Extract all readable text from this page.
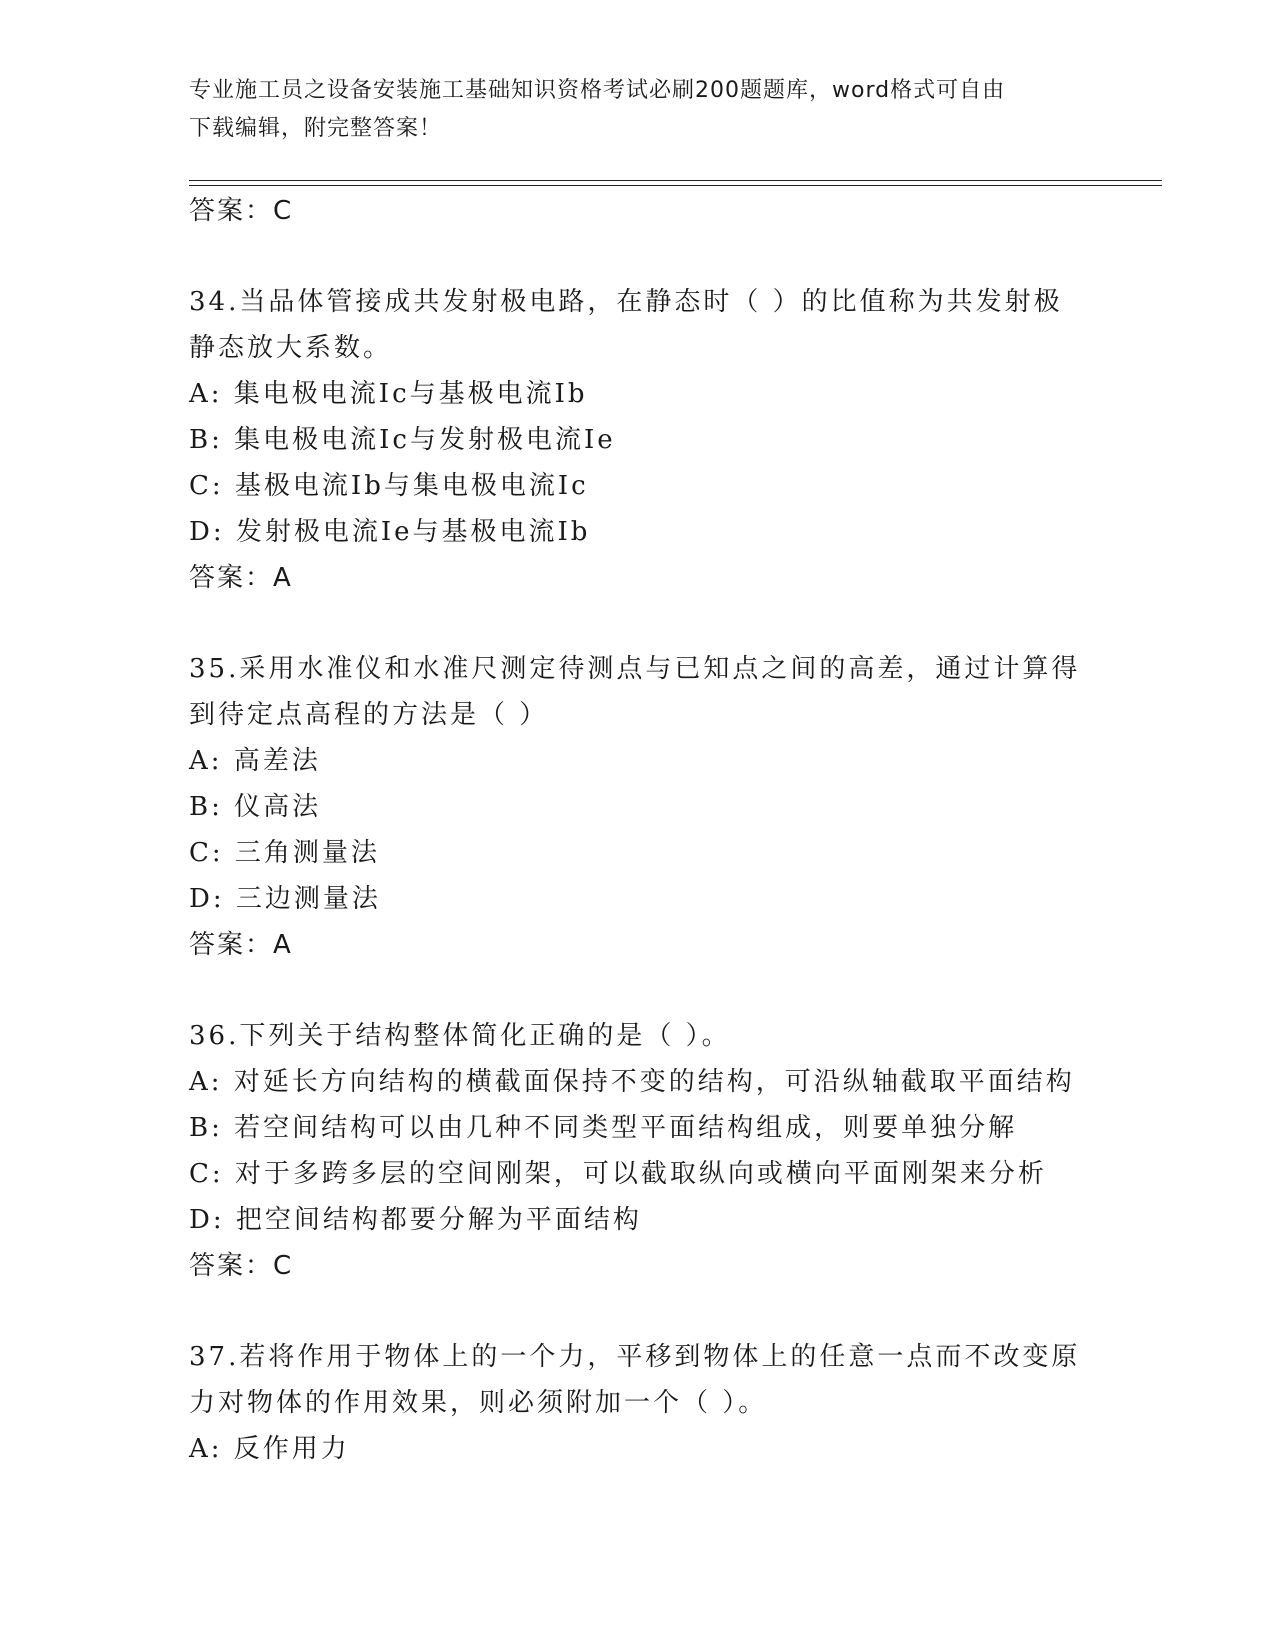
专业施工员之设备安装施工基础知识资格考试必刷200题题库，word格式可自由
下载编辑，附完整答案！
答案：C
34.当品体管接成共发射极电路，在静态时（ ）的比值称为共发射极
静态放大系数。
A: 集电极电流Ic与基极电流Ib
B: 集电极电流Ic与发射极电流Ie
C: 基极电流Ib与集电极电流Ic
D: 发射极电流Ie与基极电流Ib
答案：A
35.采用水准仪和水准尺测定待测点与已知点之间的高差，通过计算得
到待定点高程的方法是（ ）
A: 高差法
B: 仪高法
C: 三角测量法
D: 三边测量法
答案：A
36.下列关于结构整体简化正确的是（ ）。
A: 对延长方向结构的横截面保持不变的结构，可沿纵轴截取平面结构
B: 若空间结构可以由几种不同类型平面结构组成，则要单独分解
C: 对于多跨多层的空间刚架，可以截取纵向或横向平面刚架来分析
D: 把空间结构都要分解为平面结构
答案：C
37.若将作用于物体上的一个力，平移到物体上的任意一点而不改变原
力对物体的作用效果，则必须附加一个（ ）。
A: 反作用力
